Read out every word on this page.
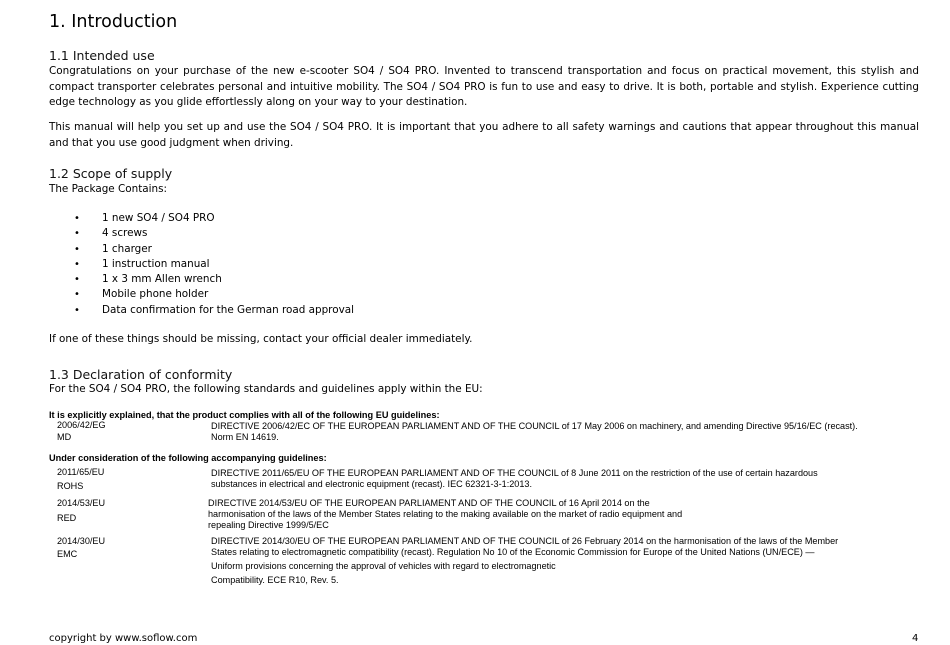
1. Introduction
1.1 Intended use
Congratulations on your purchase of the new e-scooter SO4 / SO4 PRO. Invented to transcend transportation and focus on practical movement, this stylish and compact transporter celebrates personal and intuitive mobility. The SO4 / SO4 PRO is fun to use and easy to drive. It is both, portable and stylish. Experience cutting edge technology as you glide effortlessly along on your way to your destination.
This manual will help you set up and use the SO4 / SO4 PRO. It is important that you adhere to all safety warnings and cautions that appear throughout this manual and that you use good judgment when driving.
1.2 Scope of supply
The Package Contains:
• 1 new SO4 / SO4 PRO
• 4 screws
• 1 charger
• 1 instruction manual
• 1 x 3 mm Allen wrench
• Mobile phone holder
• Data confirmation for the German road approval
If one of these things should be missing, contact your official dealer immediately.
1.3 Declaration of conformity
For the SO4 / SO4 PRO, the following standards and guidelines apply within the EU:
It is explicitly explained, that the product complies with all of the following EU guidelines:
2006/42/EG
MD
DIRECTIVE 2006/42/EC OF THE EUROPEAN PARLIAMENT AND OF THE COUNCIL of 17 May 2006 on machinery, and amending Directive 95/16/EC (recast).
Norm EN 14619.
Under consideration of the following accompanying guidelines:
2011/65/EU
ROHS
DIRECTIVE 2011/65/EU OF THE EUROPEAN PARLIAMENT AND OF THE COUNCIL of 8 June 2011 on the restriction of the use of certain hazardous
substances in electrical and electronic equipment (recast). IEC 62321-3-1:2013.
2014/53/EU
RED
DIRECTIVE 2014/53/EU OF THE EUROPEAN PARLIAMENT AND OF THE COUNCIL of 16 April 2014 on the
harmonisation of the laws of the Member States relating to the making available on the market of radio equipment and
repealing Directive 1999/5/EC
2014/30/EU
EMC
DIRECTIVE 2014/30/EU OF THE EUROPEAN PARLIAMENT AND OF THE COUNCIL of 26 February 2014 on the harmonisation of the laws of the Member
States relating to electromagnetic compatibility (recast). Regulation No 10 of the Economic Commission for Europe of the United Nations (UN/ECE) —
Uniform provisions concerning the approval of vehicles with regard to electromagnetic
Compatibility. ECE R10, Rev. 5.
copyright by www.soflow.com	4
